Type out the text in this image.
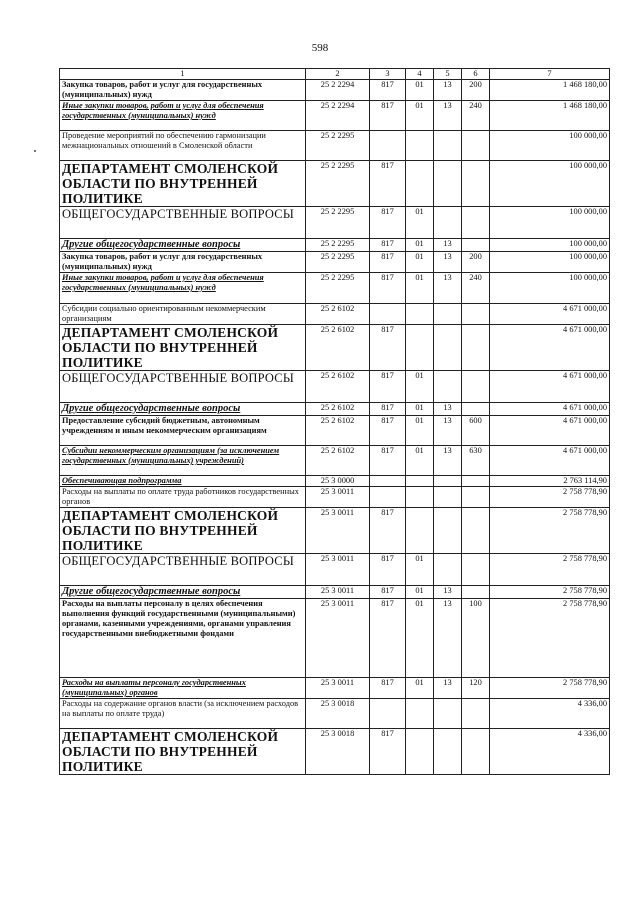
598
1	2	3	4	5	6	7
Закупка товаров, работ и услуг для государственных (муниципальных) нужд	25 2 2294	817	01	13	200	1 468 180,00
Иные закупки товаров, работ и услуг для обеспечения государственных (муниципальных) нужд	25 2 2294	817	01	13	240	1 468 180,00
Проведение мероприятий по обеспечению гармонизации межнациональных отношений в Смоленской области	25 2 2295					100 000,00
ДЕПАРТАМЕНТ СМОЛЕНСКОЙ ОБЛАСТИ ПО ВНУТРЕННЕЙ ПОЛИТИКЕ	25 2 2295	817				100 000,00
ОБЩЕГОСУДАРСТВЕННЫЕ ВОПРОСЫ	25 2 2295	817	01			100 000,00
Другие общегосударственные вопросы	25 2 2295	817	01	13		100 000,00
Закупка товаров, работ и услуг для государственных (муниципальных) нужд	25 2 2295	817	01	13	200	100 000,00
Иные закупки товаров, работ и услуг для обеспечения государственных (муниципальных) нужд	25 2 2295	817	01	13	240	100 000,00
Субсидии социально ориентированным некоммерческим организациям	25 2 6102					4 671 000,00
ДЕПАРТАМЕНТ СМОЛЕНСКОЙ ОБЛАСТИ ПО ВНУТРЕННЕЙ ПОЛИТИКЕ	25 2 6102	817				4 671 000,00
ОБЩЕГОСУДАРСТВЕННЫЕ ВОПРОСЫ	25 2 6102	817	01			4 671 000,00
Другие общегосударственные вопросы	25 2 6102	817	01	13		4 671 000,00
Предоставление субсидий бюджетным, автономным учреждениям и иным некоммерческим организациям	25 2 6102	817	01	13	600	4 671 000,00
Субсидии некоммерческим организациям (за исключением государственных (муниципальных) учреждений)	25 2 6102	817	01	13	630	4 671 000,00
Обеспечивающая подпрограмма	25 3 0000					2 763 114,90
Расходы на выплаты по оплате труда работников государственных органов	25 3 0011					2 758 778,90
ДЕПАРТАМЕНТ СМОЛЕНСКОЙ ОБЛАСТИ ПО ВНУТРЕННЕЙ ПОЛИТИКЕ	25 3 0011	817				2 758 778,90
ОБЩЕГОСУДАРСТВЕННЫЕ ВОПРОСЫ	25 3 0011	817	01			2 758 778,90
Другие общегосударственные вопросы	25 3 0011	817	01	13		2 758 778,90
Расходы на выплаты персоналу в целях обеспечения выполнения функций государственными (муниципальными) органами, казенными учреждениями, органами управления государственными внебюджетными фондами	25 3 0011	817	01	13	100	2 758 778,90
Расходы на выплаты персоналу государственных (муниципальных) органов	25 3 0011	817	01	13	120	2 758 778,90
Расходы на содержание органов власти (за исключением расходов на выплаты по оплате труда)	25 3 0018					4 336,00
ДЕПАРТАМЕНТ СМОЛЕНСКОЙ ОБЛАСТИ ПО ВНУТРЕННЕЙ ПОЛИТИКЕ	25 3 0018	817				4 336,00
